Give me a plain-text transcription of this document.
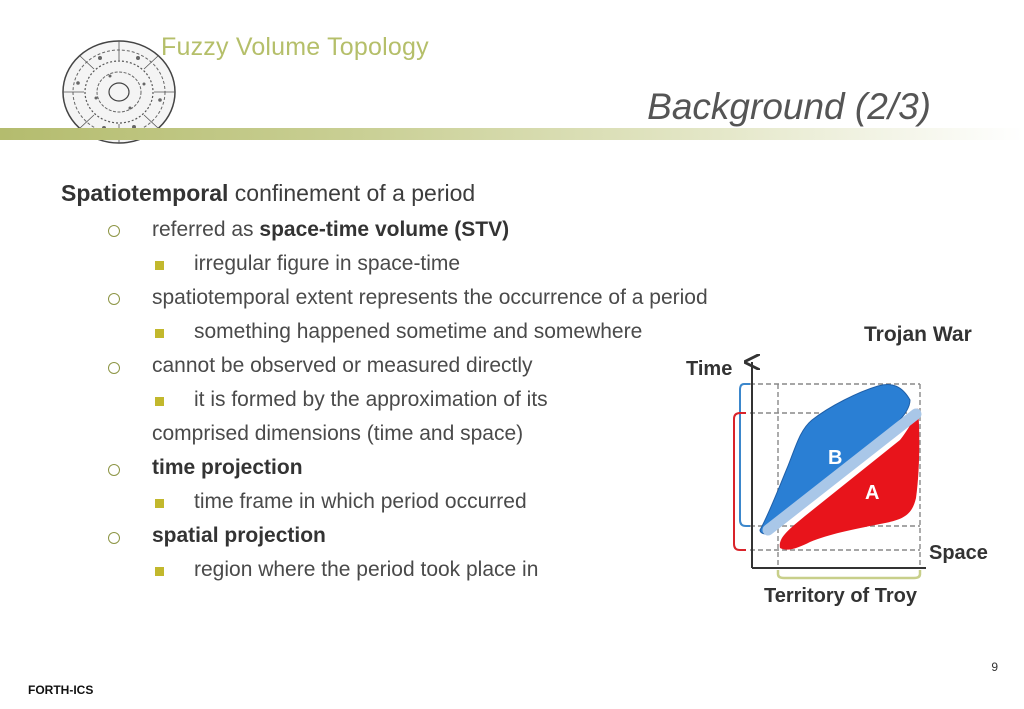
Fuzzy Volume Topology
Background (2/3)
Spatiotemporal confinement of a period
referred as space-time volume (STV)
irregular figure in space-time
spatiotemporal extent represents the occurrence of a period
something happened sometime and somewhere
cannot be observed or measured directly
it is formed by the approximation of its
comprised dimensions (time and space)
time projection
time frame in which period occurred
spatial projection
region where the period took place in
Trojan War
Time
Space
Territory of Troy
B
A
FORTH-ICS
9
